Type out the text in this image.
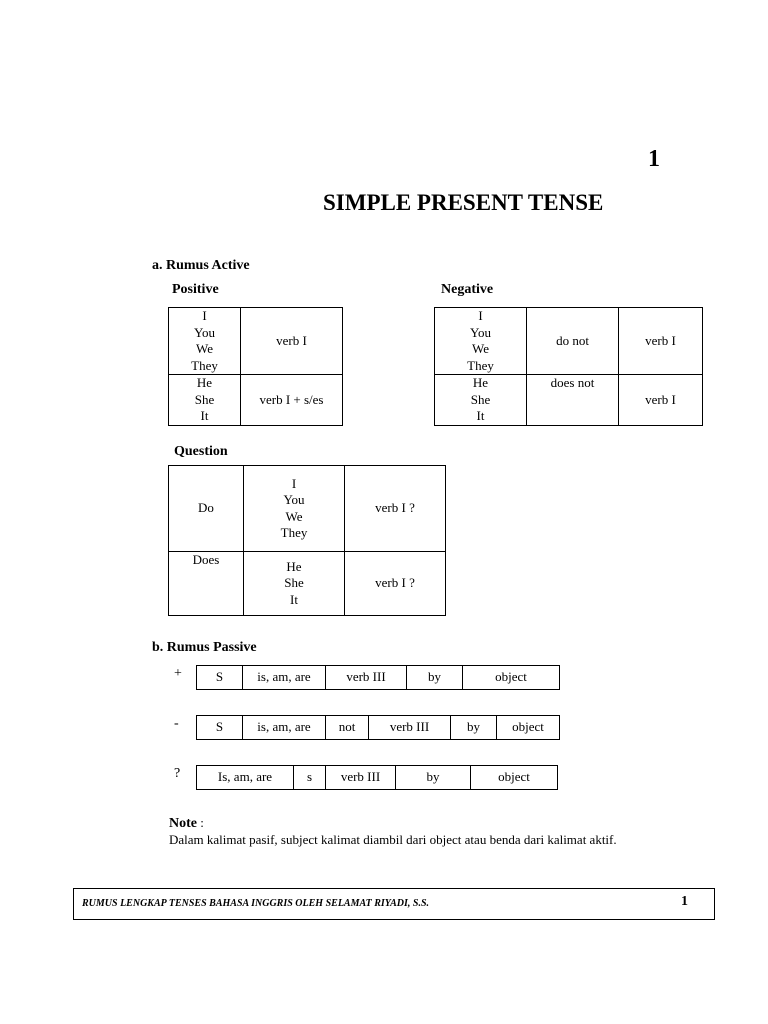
1
SIMPLE PRESENT TENSE
a. Rumus Active
Positive
I
You
We
They	verb I

He
She
It	verb I + s/es
Negative
I
You
We
They	do not	verb I

He
She
It	does not	verb I
Question
Do	I
You
We
They	verb I ?
Does	He
She
It	verb I ?
b. Rumus Passive
+	S	is, am, are	verb III	by	object
-	S	is, am, are	not	verb III	by	object
?	Is, am, are	s	verb III	by	object
Note :
Dalam kalimat pasif, subject kalimat diambil dari object atau benda dari kalimat aktif.
RUMUS LENGKAP TENSES BAHASA INGGRIS OLEH SELAMAT RIYADI, S.S.	1
